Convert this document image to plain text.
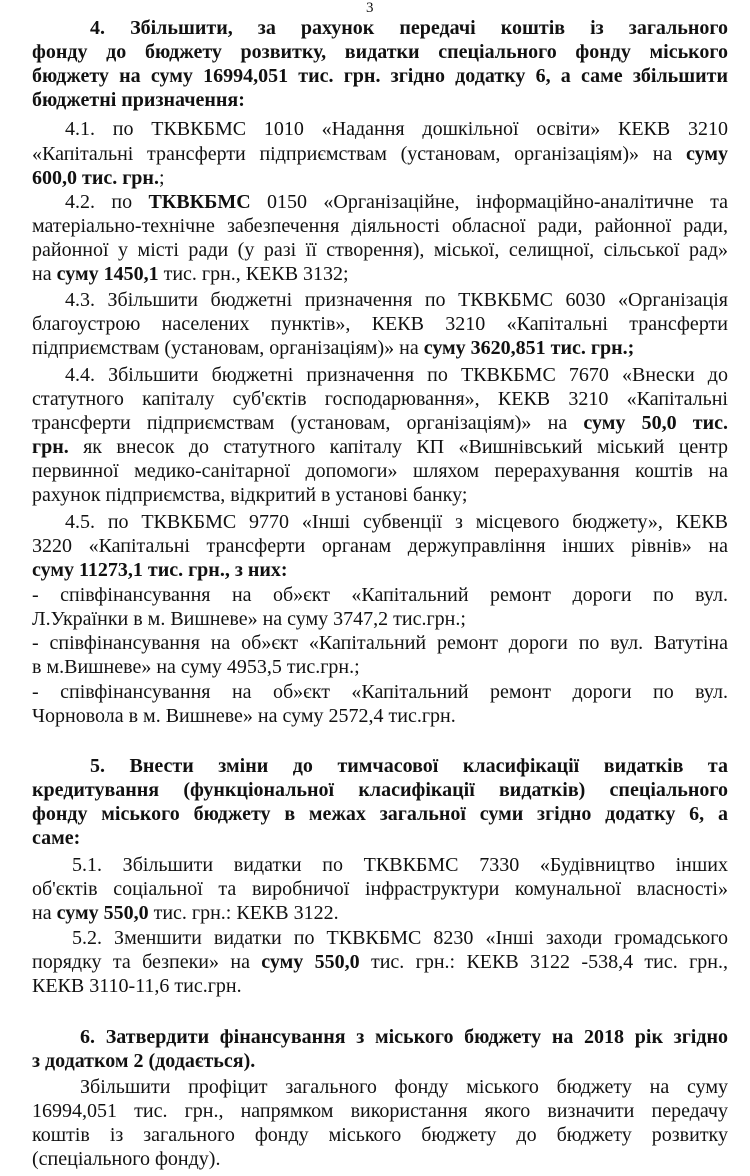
3

4. Збільшити, за рахунок передачі коштів із загального

фонду до бюджету розвитку, видатки спеціального фонду міського

бюджету на суму 16994,051 тис. грн. згідно додатку 6, а саме збільшити

бюджетні призначення:

4.1. по ТКВКБМС 1010 «Надання дошкільної освіти» КЕКВ 3210

«Капітальні трансферти підприємствам (установам, організаціям)» на суму

600,0 тис. грн.;

4.2. по ТКВКБМС 0150 «Організаційне, інформаційно-аналітичне та

матеріально-технічне забезпечення діяльності обласної ради, районної ради,

районної у місті ради (у разі її створення), міської, селищної, сільської рад»

на суму 1450,1 тис. грн., КЕКВ 3132;

4.3. Збільшити бюджетні призначення по ТКВКБМС 6030 «Організація

благоустрою населених пунктів», КЕКВ 3210 «Капітальні трансферти

підприємствам (установам, організаціям)» на суму 3620,851 тис. грн.;

4.4. Збільшити бюджетні призначення по ТКВКБМС 7670 «Внески до

статутного капіталу суб'єктів господарювання», КЕКВ 3210 «Капітальні

трансферти підприємствам (установам, організаціям)» на суму 50,0 тис.

грн. як внесок до статутного капіталу КП «Вишнівський міський центр

первинної медико-санітарної допомоги» шляхом перерахування коштів на

рахунок підприємства, відкритий в установі банку;

4.5. по ТКВКБМС 9770 «Інші субвенції з місцевого бюджету», КЕКВ

3220 «Капітальні трансферти органам держуправління інших рівнів» на

суму 11273,1 тис. грн., з них:

- співфінансування на об»єкт «Капітальний ремонт дороги по вул.

Л.Українки в м. Вишневе» на суму 3747,2 тис.грн.;

- співфінансування на об»єкт «Капітальний ремонт дороги по вул. Ватутіна

в м.Вишневе» на суму 4953,5 тис.грн.;

- співфінансування на об»єкт «Капітальний ремонт дороги по вул.

Чорновола в м. Вишневе» на суму 2572,4 тис.грн.

5. Внести зміни до тимчасової класифікації видатків та

кредитування (функціональної класифікації видатків) спеціального

фонду міського бюджету в межах загальної суми згідно додатку 6, а

саме:

5.1. Збільшити видатки по ТКВКБМС 7330 «Будівництво інших

об'єктів соціальної та виробничої інфраструктури комунальної власності»

на суму 550,0 тис. грн.: КЕКВ 3122.

5.2. Зменшити видатки по ТКВКБМС 8230 «Інші заходи громадського

порядку та безпеки» на суму 550,0 тис. грн.: КЕКВ 3122 -538,4 тис. грн.,

КЕКВ 3110-11,6 тис.грн.

6. Затвердити фінансування з міського бюджету на 2018 рік згідно

з додатком 2 (додається).

Збільшити профіцит загального фонду міського бюджету на суму

16994,051 тис. грн., напрямком використання якого визначити передачу

коштів із загального фонду міського бюджету до бюджету розвитку

(спеціального фонду).
